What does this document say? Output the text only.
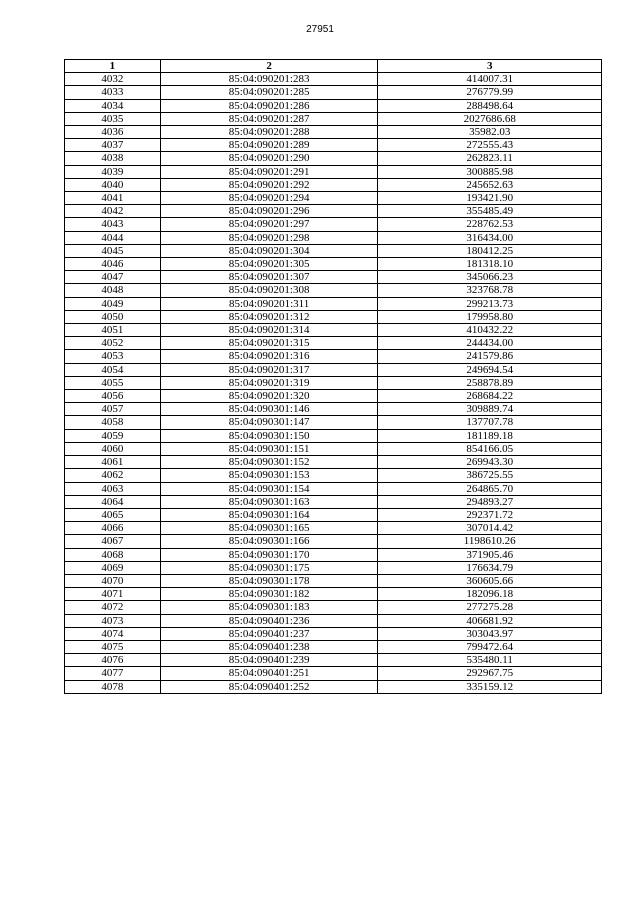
27951
1	2	3
4032	85:04:090201:283	414007.31
4033	85:04:090201:285	276779.99
4034	85:04:090201:286	288498.64
4035	85:04:090201:287	2027686.68
4036	85:04:090201:288	35982.03
4037	85:04:090201:289	272555.43
4038	85:04:090201:290	262823.11
4039	85:04:090201:291	300885.98
4040	85:04:090201:292	245652.63
4041	85:04:090201:294	193421.90
4042	85:04:090201:296	355485.49
4043	85:04:090201:297	228762.53
4044	85:04:090201:298	316434.00
4045	85:04:090201:304	180412.25
4046	85:04:090201:305	181318.10
4047	85:04:090201:307	345066.23
4048	85:04:090201:308	323768.78
4049	85:04:090201:311	299213.73
4050	85:04:090201:312	179958.80
4051	85:04:090201:314	410432.22
4052	85:04:090201:315	244434.00
4053	85:04:090201:316	241579.86
4054	85:04:090201:317	249694.54
4055	85:04:090201:319	258878.89
4056	85:04:090201:320	268684.22
4057	85:04:090301:146	309889.74
4058	85:04:090301:147	137707.78
4059	85:04:090301:150	181189.18
4060	85:04:090301:151	854166.05
4061	85:04:090301:152	269943.30
4062	85:04:090301:153	386725.55
4063	85:04:090301:154	264865.70
4064	85:04:090301:163	294893.27
4065	85:04:090301:164	292371.72
4066	85:04:090301:165	307014.42
4067	85:04:090301:166	1198610.26
4068	85:04:090301:170	371905.46
4069	85:04:090301:175	176634.79
4070	85:04:090301:178	360605.66
4071	85:04:090301:182	182096.18
4072	85:04:090301:183	277275.28
4073	85:04:090401:236	406681.92
4074	85:04:090401:237	303043.97
4075	85:04:090401:238	799472.64
4076	85:04:090401:239	535480.11
4077	85:04:090401:251	292967.75
4078	85:04:090401:252	335159.12
